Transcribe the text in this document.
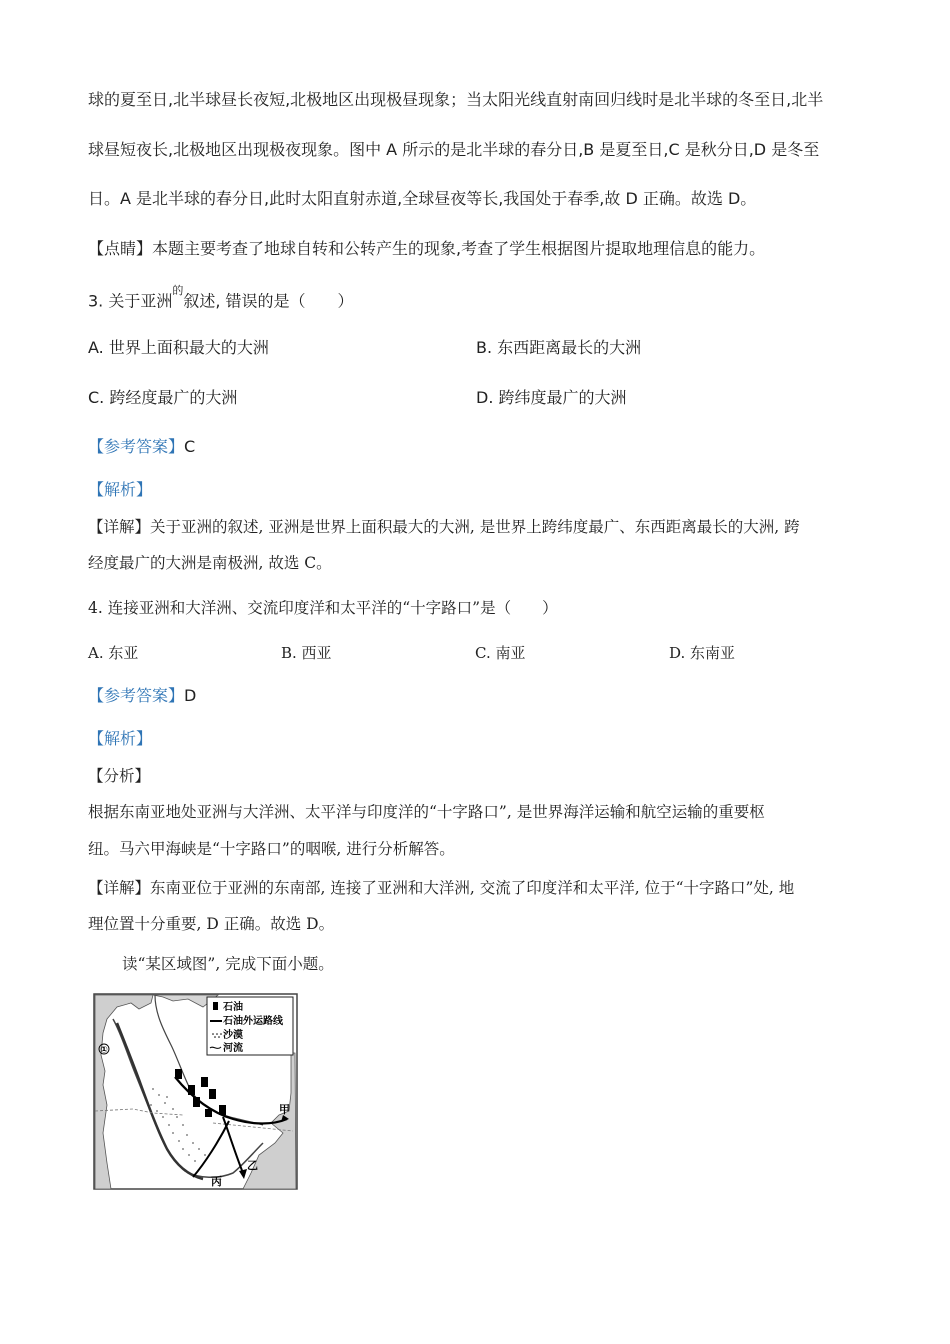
球的夏至日,北半球昼长夜短,北极地区出现极昼现象；当太阳光线直射南回归线时是北半球的冬至日,北半
球昼短夜长,北极地区出现极夜现象。图中 A 所示的是北半球的春分日,B 是夏至日,C 是秋分日,D 是冬至
日。A 是北半球的春分日,此时太阳直射赤道,全球昼夜等长,我国处于春季,故 D 正确。故选 D。
【点睛】本题主要考查了地球自转和公转产生的现象,考查了学生根据图片提取地理信息的能力。
3. 关于亚洲$^的$叙述, 错误的是（　　）
A. 世界上面积最大的大洲	B. 东西距离最长的大洲
C. 跨经度最广的大洲	D. 跨纬度最广的大洲
【参考答案】C
【解析】
【详解】关于亚洲的叙述, 亚洲是世界上面积最大的大洲, 是世界上跨纬度最广、东西距离最长的大洲, 跨
经度最广的大洲是南极洲, 故选 C。
4. 连接亚洲和大洋洲、交流印度洋和太平洋的“十字路口”是（　　）
A. 东亚	B. 西亚	C. 南亚	D. 东南亚
【参考答案】D
【解析】
【分析】
根据东南亚地处亚洲与大洋洲、太平洋与印度洋的“十字路口”, 是世界海洋运输和航空运输的重要枢
纽。马六甲海峡是“十字路口”的咽喉, 进行分析解答。
【详解】东南亚位于亚洲的东南部, 连接了亚洲和大洋洲, 交流了印度洋和太平洋, 位于“十字路口”处, 地
理位置十分重要, D 正确。故选 D。
读“某区域图”, 完成下面小题。
①
甲
乙
丙
石油
石油外运路线
沙漠
河流
